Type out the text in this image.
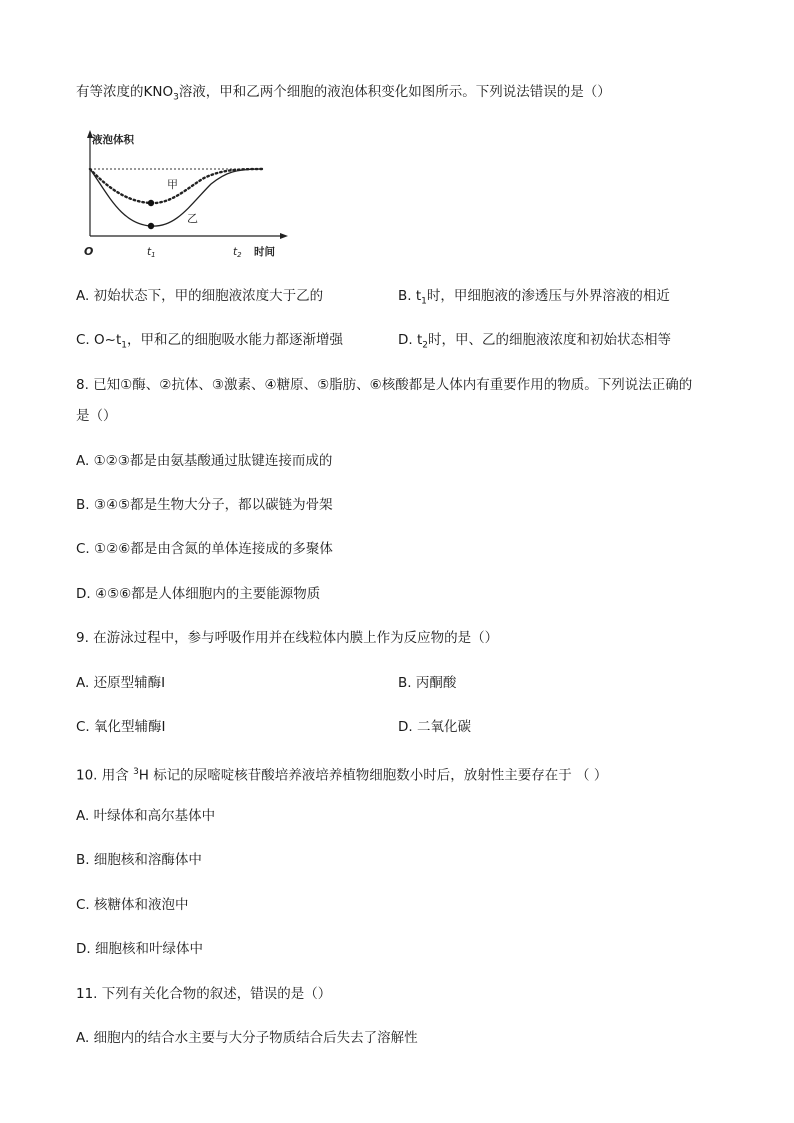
有等浓度的$KNO_3$溶液，甲和乙两个细胞的液泡体积变化如图所示。下列说法错误的是（）
液泡体积
甲
乙
O	t1	t2 时间
A. 初始状态下，甲的细胞液浓度大于乙的	B. $t_1$时，甲细胞液的渗透压与外界溶液的相近
C. $O\sim t_1$，甲和乙的细胞吸水能力都逐渐增强	D. $t_2$时，甲、乙的细胞液浓度和初始状态相等
8. 已知①酶、②抗体、③激素、④糖原、⑤脂肪、⑥核酸都是人体内有重要作用的物质。下列说法正确的
是（）
A. ①②③都是由氨基酸通过肽键连接而成的
B. ③④⑤都是生物大分子，都以碳链为骨架
C. ①②⑥都是由含氮的单体连接成的多聚体
D. ④⑤⑥都是人体细胞内的主要能源物质
9. 在游泳过程中，参与呼吸作用并在线粒体内膜上作为反应物的是（）
A. 还原型辅酶Ⅰ	B. 丙酮酸
C. 氧化型辅酶Ⅰ	D. 二氧化碳
10. 用含 $^3$H 标记的尿嘧啶核苷酸培养液培养植物细胞数小时后，放射性主要存在于 （ ）
A. 叶绿体和高尔基体中
B. 细胞核和溶酶体中
C. 核糖体和液泡中
D. 细胞核和叶绿体中
11. 下列有关化合物的叙述，错误的是（）
A. 细胞内的结合水主要与大分子物质结合后失去了溶解性
